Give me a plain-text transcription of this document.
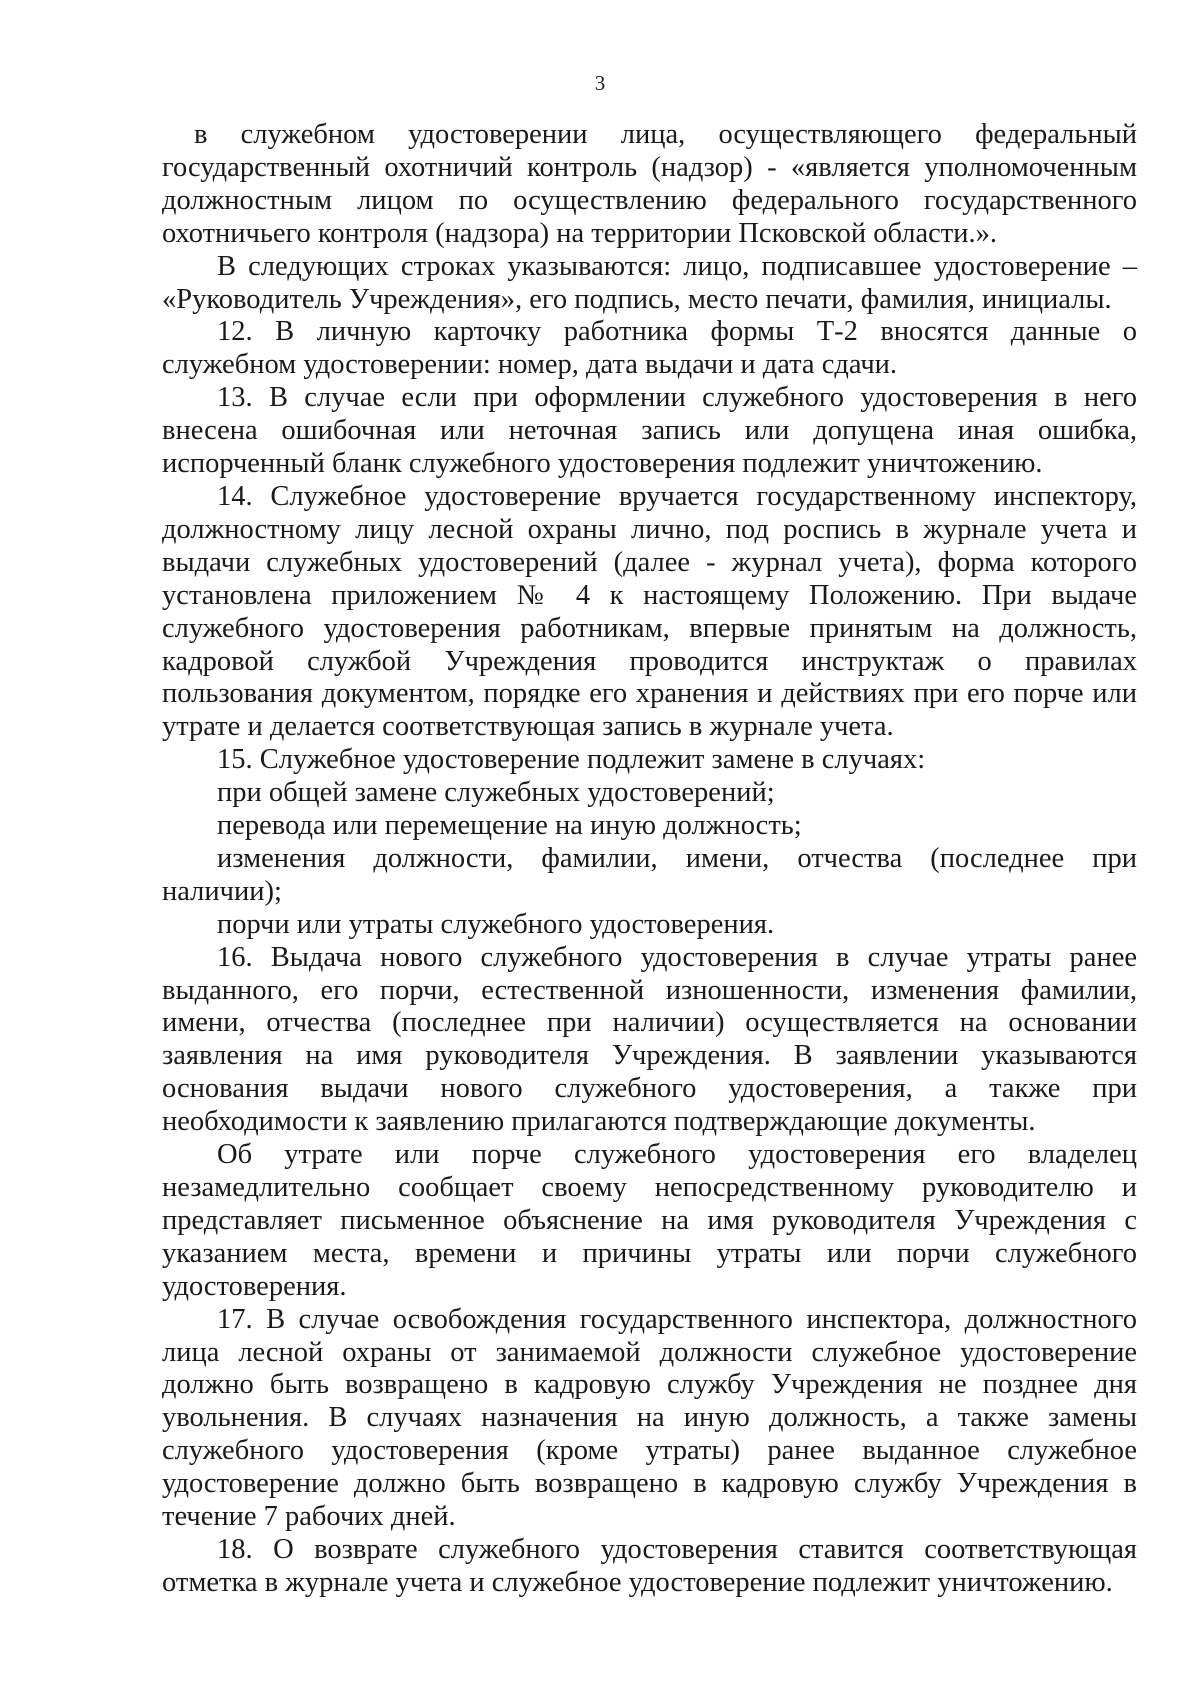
3

в служебном удостоверении лица, осуществляющего федеральный государственный охотничий контроль (надзор) - «является уполномоченным должностным лицом по осуществлению федерального государственного охотничьего контроля (надзора) на территории Псковской области.».

В следующих строках указываются: лицо, подписавшее удостоверение – «Руководитель Учреждения», его подпись, место печати, фамилия, инициалы.

12. В личную карточку работника формы Т-2 вносятся данные о служебном удостоверении: номер, дата выдачи и дата сдачи.

13. В случае если при оформлении служебного удостоверения в него внесена ошибочная или неточная запись или допущена иная ошибка, испорченный бланк служебного удостоверения подлежит уничтожению.

14. Служебное удостоверение вручается государственному инспектору, должностному лицу лесной охраны лично, под роспись в журнале учета и выдачи служебных удостоверений (далее - журнал учета), форма которого установлена приложением № 4 к настоящему Положению. При выдаче служебного удостоверения работникам, впервые принятым на должность, кадровой службой Учреждения проводится инструктаж о правилах пользования документом, порядке его хранения и действиях при его порче или утрате и делается соответствующая запись в журнале учета.

15. Служебное удостоверение подлежит замене в случаях:

при общей замене служебных удостоверений;

перевода или перемещение на иную должность;

изменения должности, фамилии, имени, отчества (последнее при наличии);

порчи или утраты служебного удостоверения.

16. Выдача нового служебного удостоверения в случае утраты ранее выданного, его порчи, естественной изношенности, изменения фамилии, имени, отчества (последнее при наличии) осуществляется на основании заявления на имя руководителя Учреждения. В заявлении указываются основания выдачи нового служебного удостоверения, а также при необходимости к заявлению прилагаются подтверждающие документы.

Об утрате или порче служебного удостоверения его владелец незамедлительно сообщает своему непосредственному руководителю и представляет письменное объяснение на имя руководителя Учреждения с указанием места, времени и причины утраты или порчи служебного удостоверения.

17. В случае освобождения государственного инспектора, должностного лица лесной охраны от занимаемой должности служебное удостоверение должно быть возвращено в кадровую службу Учреждения не позднее дня увольнения. В случаях назначения на иную должность, а также замены служебного удостоверения (кроме утраты) ранее выданное служебное удостоверение должно быть возвращено в кадровую службу Учреждения в течение 7 рабочих дней.

18. О возврате служебного удостоверения ставится соответствующая отметка в журнале учета и служебное удостоверение подлежит уничтожению.
